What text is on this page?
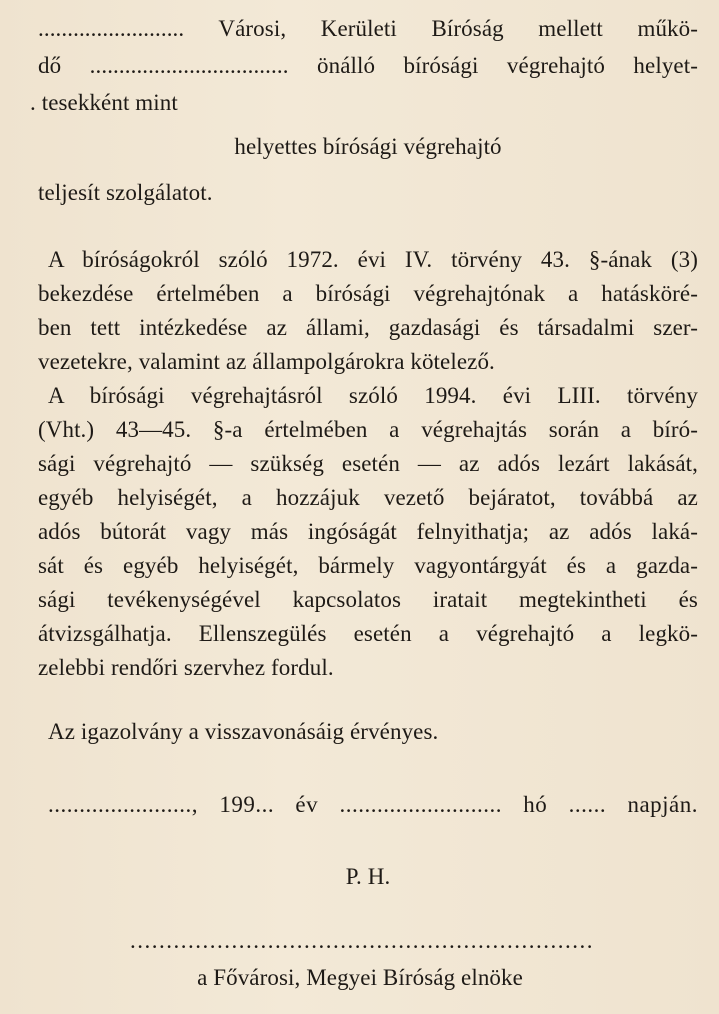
......................... Városi, Kerületi Bíróság mellett műkö-
dő .................................. önálló bírósági végrehajtó helyet-
. tesekként mint
helyettes bírósági végrehajtó
teljesít szolgálatot.
A bíróságokról szóló 1972. évi IV. törvény 43. §-ának (3)
bekezdése értelmében a bírósági végrehajtónak a hatásköré-
ben tett intézkedése az állami, gazdasági és társadalmi szer-
vezetekre, valamint az állampolgárokra kötelező.
A bírósági végrehajtásról szóló 1994. évi LIII. törvény
(Vht.) 43—45. §-a értelmében a végrehajtás során a bíró-
sági végrehajtó — szükség esetén — az adós lezárt lakását,
egyéb helyiségét, a hozzájuk vezető bejáratot, továbbá az
adós bútorát vagy más ingóságát felnyithatja; az adós laká-
sát és egyéb helyiségét, bármely vagyontárgyát és a gazda-
sági tevékenységével kapcsolatos iratait megtekintheti és
átvizsgálhatja. Ellenszegülés esetén a végrehajtó a legkö-
zelebbi rendőri szervhez fordul.
Az igazolvány a visszavonásáig érvényes.
......................., 199... év .......................... hó ...... napján.
P. H.
................................................................
a Fővárosi, Megyei Bíróság elnöke
